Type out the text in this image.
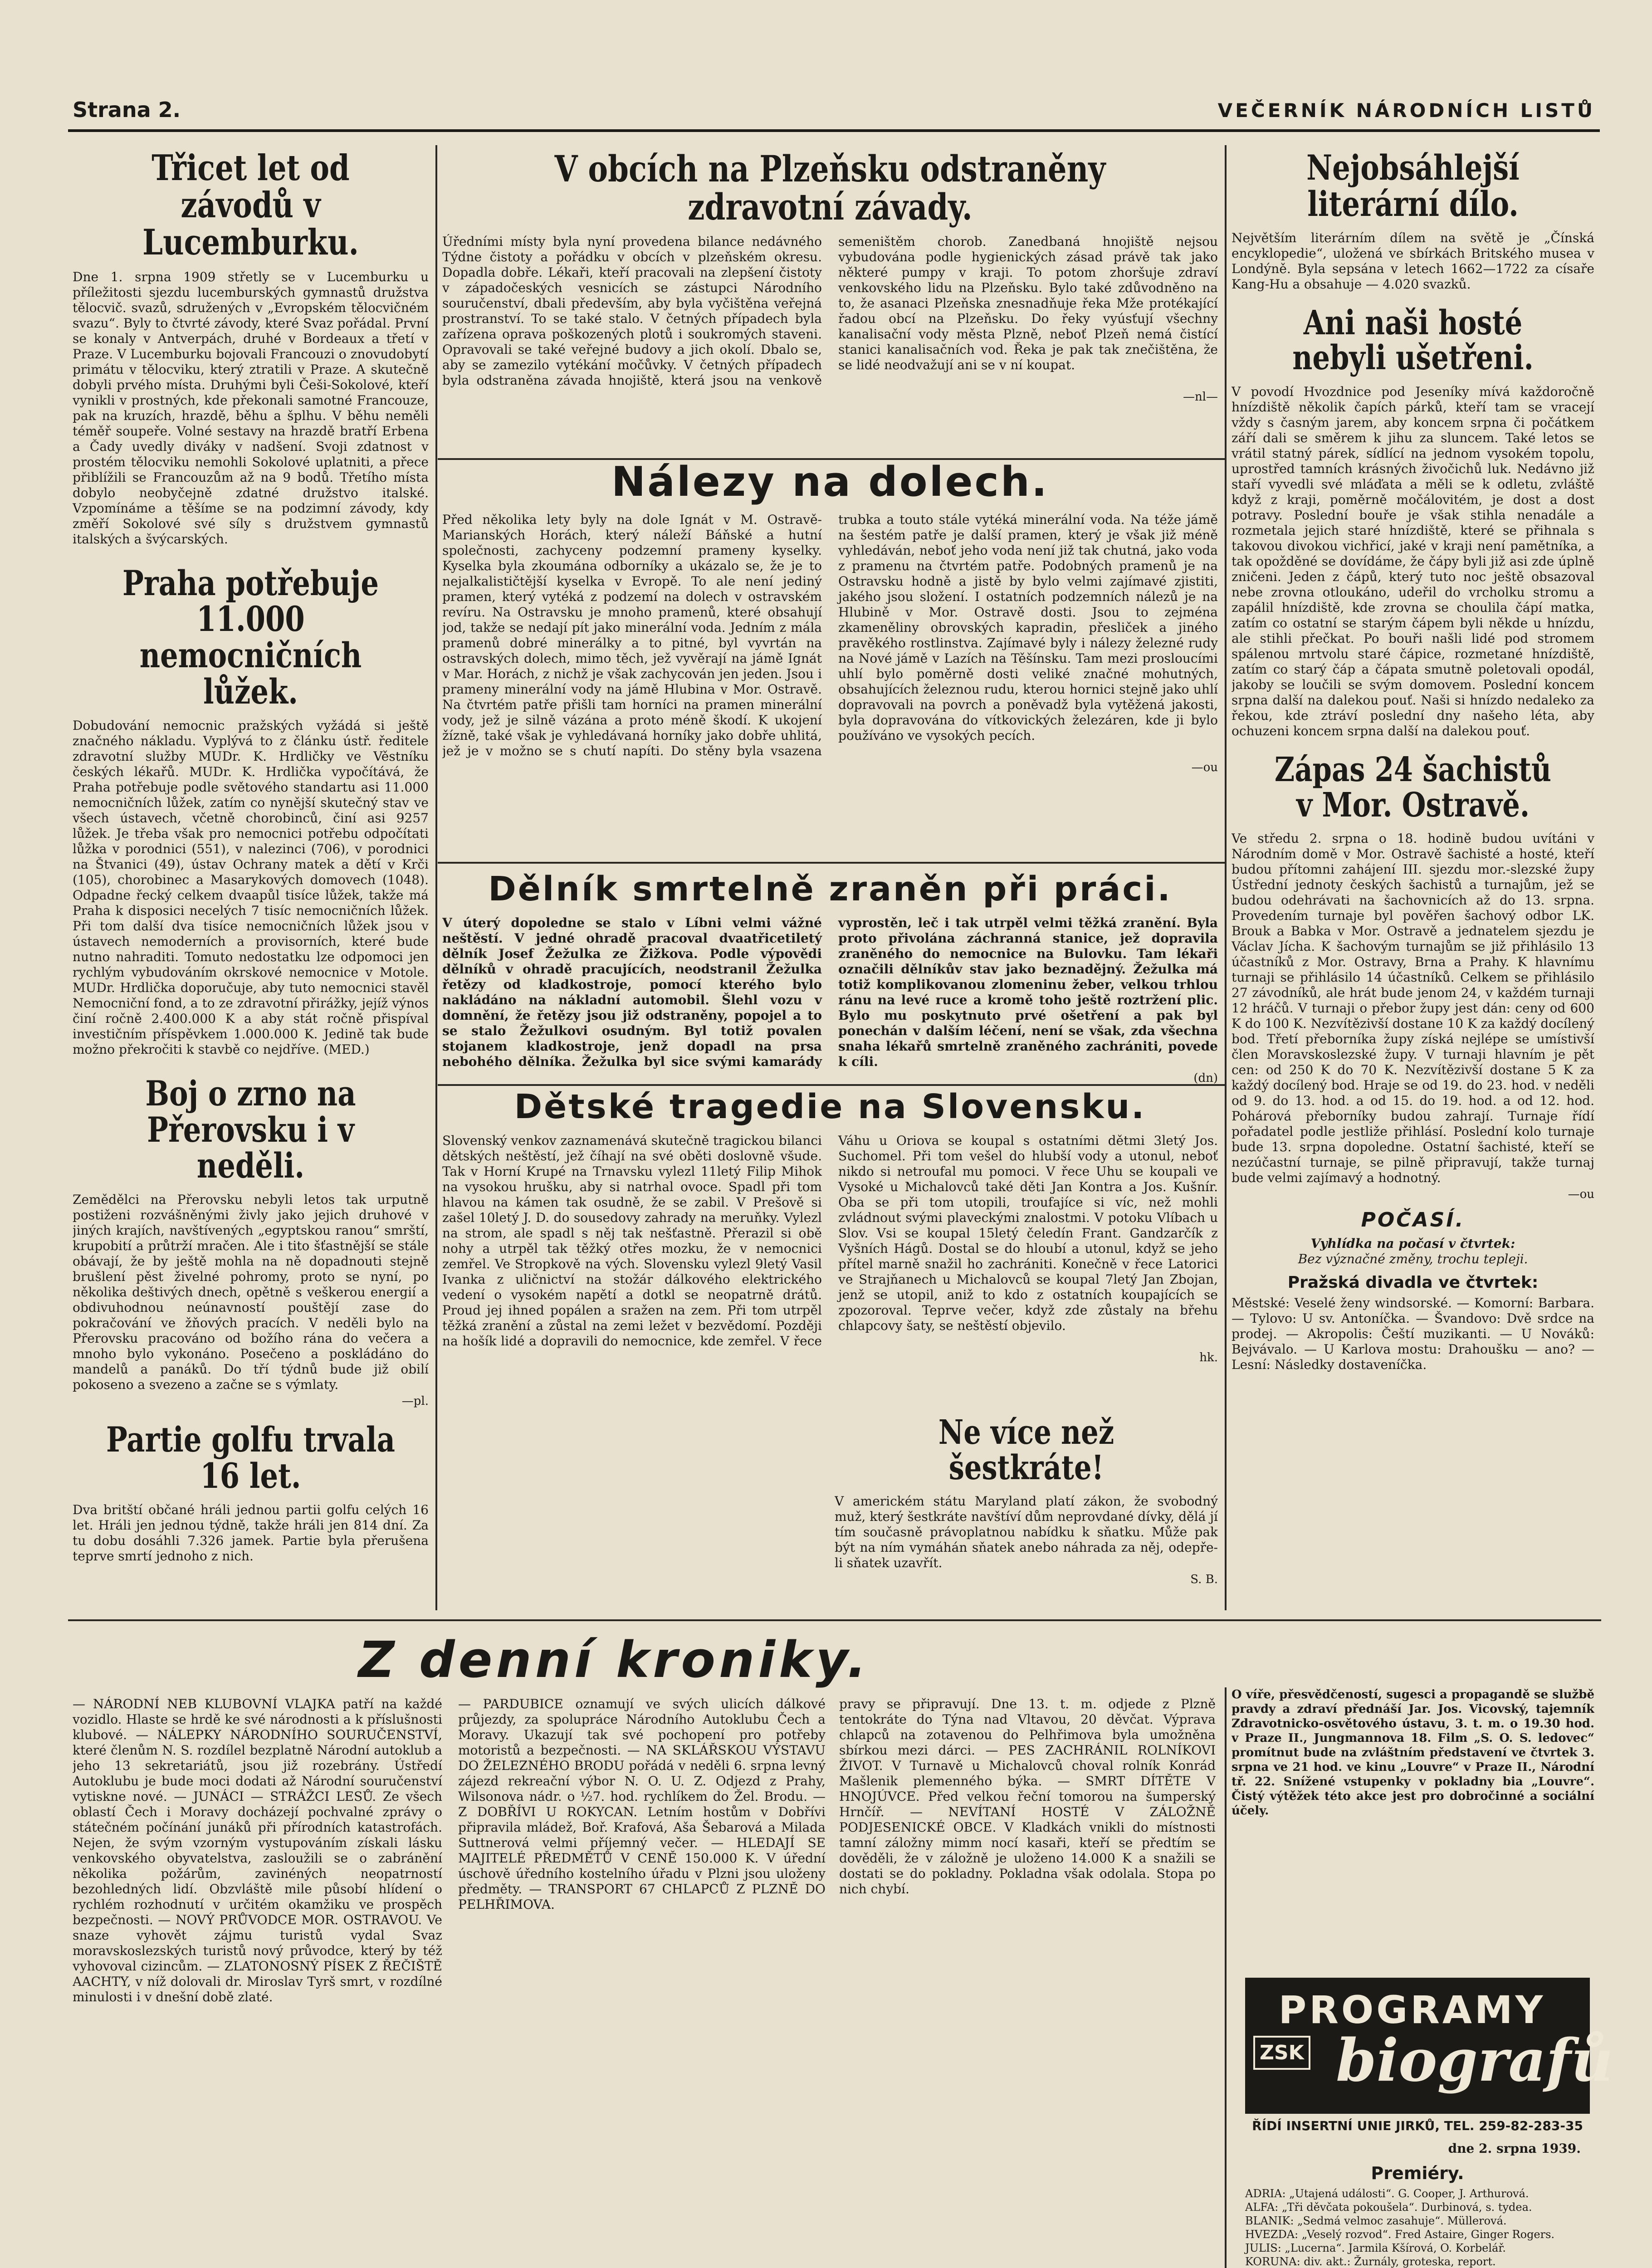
Strana 2.	VEČERNÍK NÁRODNÍCH LISTŮ
Třicet let od závodů v Lucemburku.

Dne 1. srpna 1909 střetly se v Lucemburku u příležitosti sjezdu lucemburských gymnastů družstva tělocvič. svazů, sdružených v „Evropském tělocvičném svazu“. Byly to čtvrté závody, které Svaz pořádal. První se konaly v Antverpách, druhé v Bordeaux a třetí v Praze. V Lucemburku bojovali Francouzi o znovudobytí primátu v tělocviku, který ztratili v Praze. A skutečně dobyli prvého místa. Druhými byli Češi-Sokolové, kteří vynikli v prostných, kde překonali samotné Francouze, pak na kruzích, hrazdě, běhu a šplhu. V běhu neměli téměř soupeře. Volné sestavy na hrazdě bratří Erbena a Čady uvedly diváky v nadšení. Svoji zdatnost v prostém tělocviku nemohli Sokolové uplatniti, a přece přiblížili se Francouzům až na 9 bodů. Třetího místa dobylo neobyčejně zdatné družstvo italské. Vzpomínáme a těšíme se na podzimní závody, kdy změří Sokolové své síly s družstvem gymnastů italských a švýcarských.

Praha potřebuje 11.000 nemocničních lůžek.

Dobudování nemocnic pražských vyžádá si ještě značného nákladu. Vyplývá to z článku ústř. ředitele zdravotní služby MUDr. K. Hrdličky ve Věstníku českých lékařů. MUDr. K. Hrdlička vypočítává, že Praha potřebuje podle světového standartu asi 11.000 nemocničních lůžek, zatím co nynější skutečný stav ve všech ústavech, včetně chorobinců, činí asi 9257 lůžek. Je třeba však pro nemocnici potřebu odpočítati lůžka v porodnici (551), v nalezinci (706), v porodnici na Štvanici (49), ústav Ochrany matek a dětí v Krči (105), chorobinec a Masarykových domovech (1048). Odpadne řecký celkem dvaapůl tisíce lůžek, takže má Praha k disposici necelých 7 tisíc nemocničních lůžek. Při tom další dva tisíce nemocničních lůžek jsou v ústavech nemoderních a provisorních, které bude nutno nahraditi. Tomuto nedostatku lze odpomoci jen rychlým vybudováním okrskové nemocnice v Motole. MUDr. Hrdlička doporučuje, aby tuto nemocnici stavěl Nemocniční fond, a to ze zdravotní přirážky, jejíž výnos činí ročně 2.400.000 K a aby stát ročně přispíval investičním příspěvkem 1.000.000 K. Jedině tak bude možno překročiti k stavbě co nejdříve. (MED.)

Boj o zrno na Přerovsku i v neděli.

Zemědělci na Přerovsku nebyli letos tak urputně postiženi rozvášněnými živly jako jejich druhové v jiných krajích, navštívených „egyptskou ranou“ smrští, krupobití a průtrží mračen. Ale i tito šťastnější se stále obávají, že by ještě mohla na ně dopadnouti stejně brušlení pěst živelné pohromy, proto se nyní, po několika deštivých dnech, opětně s veškerou energií a obdivuhodnou neúnavností pouštějí zase do pokračování ve žňových pracích. V neděli bylo na Přerovsku pracováno od božího rána do večera a mnoho bylo vykonáno. Posečeno a poskládáno do mandelů a panáků. Do tří týdnů bude již obilí pokoseno a svezeno a začne se s výmlaty.

—pl.
Partie golfu trvala 16 let.

Dva britští občané hráli jednou partii golfu celých 16 let. Hráli jen jednou týdně, takže hráli jen 814 dní. Za tu dobu dosáhli 7.326 jamek. Partie byla přerušena teprve smrtí jednoho z nich.

V obcích na Plzeňsku odstraněny zdravotní závady.

Úředními místy byla nyní provedena bilance nedávného Týdne čistoty a pořádku v obcích v plzeňském okresu. Dopadla dobře. Lékaři, kteří pracovali na zlepšení čistoty v západočeských vesnicích se zástupci Národního souručenství, dbali především, aby byla vyčištěna veřejná prostranství. To se také stalo. V četných případech byla zařízena oprava poškozených plotů i soukromých staveni. Opravovali se také veřejné budovy a jich okolí. Dbalo se, aby se zamezilo vytékání močůvky. V četných případech byla odstraněna závada hnojiště, která jsou na venkově semeništěm chorob. Zanedbaná hnojiště nejsou vybudována podle hygienických zásad právě tak jako některé pumpy v kraji. To potom zhoršuje zdraví venkovského lidu na Plzeňsku. Bylo také zdůvodněno na to, že asanaci Plzeňska znesnadňuje řeka Mže protékající řadou obcí na Plzeňsku. Do řeky vyúsťují všechny kanalisační vody města Plzně, neboť Plzeň nemá čistící stanici kanalisačních vod. Řeka je pak tak znečištěna, že se lidé neodvažují ani se v ní koupat.

—nl—
Nálezy na dolech.

Před několika lety byly na dole Ignát v M. Ostravě-Marianských Horách, který náleží Báňské a hutní společnosti, zachyceny podzemní prameny kyselky. Kyselka byla zkoumána odborníky a ukázalo se, že je to nejalkalističtější kyselka v Evropě. To ale není jediný pramen, který vytéká z podzemí na dolech v ostravském revíru. Na Ostravsku je mnoho pramenů, které obsahují jod, takže se nedají pít jako minerální voda. Jedním z mála pramenů dobré minerálky a to pitné, byl vyvrtán na ostravských dolech, mimo těch, jež vyvěrají na jámě Ignát v Mar. Horách, z nichž je však zachycován jen jeden. Jsou i prameny minerální vody na jámě Hlubina v Mor. Ostravě. Na čtvrtém patře přišli tam horníci na pramen minerální vody, jež je silně vázána a proto méně škodí. K ukojení žízně, také však je vyhledávaná horníky jako dobře uhlitá, jež je v možno se s chutí napíti. Do stěny byla vsazena trubka a touto stále vytéká minerální voda. Na téže jámě na šestém patře je další pramen, který je však již méně vyhledáván, neboť jeho voda není již tak chutná, jako voda z pramenu na čtvrtém patře. Podobných pramenů je na Ostravsku hodně a jistě by bylo velmi zajímavé zjistiti, jakého jsou složení. I ostatních podzemních nálezů je na Hlubině v Mor. Ostravě dosti. Jsou to zejména zkameněliny obrovských kapradin, přesliček a jiného pravěkého rostlinstva. Zajímavé byly i nálezy železné rudy na Nové jámě v Lazích na Těšínsku. Tam mezi prosloucími uhlí bylo poměrně dosti veliké značné mohutných, obsahujících železnou rudu, kterou hornici stejně jako uhlí dopravovali na povrch a poněvadž byla vytěžená jakosti, byla dopravována do vítkovických železáren, kde ji bylo používáno ve vysokých pecích.

—ou
Dělník smrtelně zraněn při práci.

V úterý dopoledne se stalo v Líbni velmi vážné neštěstí. V jedné ohradě pracoval dvaatřicetiletý dělník Josef Žežulka ze Žižkova. Podle výpovědi dělníků v ohradě pracujících, neodstranil Žežulka řetězy od kladkostroje, pomocí kterého bylo nakládáno na nákladní automobil. Šlehl vozu v domnění, že řetězy jsou již odstraněny, popojel a to se stalo Žežulkovi osudným. Byl totiž povalen stojanem kladkostroje, jenž dopadl na prsa nebohého dělníka. Žežulka byl sice svými kamarády vyprostěn, leč i tak utrpěl velmi těžká zranění. Byla proto přivolána záchranná stanice, jež dopravila zraněného do nemocnice na Bulovku. Tam lékaři označili dělníkův stav jako beznadějný. Žežulka má totiž komplikovanou zlomeninu žeber, velkou trhlou ránu na levé ruce a kromě toho ještě roztržení plic. Bylo mu poskytnuto prvé ošetření a pak byl ponechán v dalším léčení, není se však, zda všechna snaha lékařů smrtelně zraněného zachrániti, povede k cíli.

(dn)
Dětské tragedie na Slovensku.

Slovenský venkov zaznamenává skutečně tragickou bilanci dětských neštěstí, jež číhají na své oběti doslovně všude. Tak v Horní Krupé na Trnavsku vylezl 11letý Filip Mihok na vysokou hrušku, aby si natrhal ovoce. Spadl při tom hlavou na kámen tak osudně, že se zabil. V Prešově si zašel 10letý J. D. do sousedovy zahrady na meruňky. Vylezl na strom, ale spadl s něj tak nešťastně. Přerazil si obě nohy a utrpěl tak těžký otřes mozku, že v nemocnici zemřel. Ve Stropkově na vých. Slovensku vylezl 9letý Vasil Ivanka z uličnictví na stožár dálkového elektrického vedení o vysokém napětí a dotkl se neopatrně drátů. Proud jej ihned popálen a sražen na zem. Při tom utrpěl těžká zranění a zůstal na zemi ležet v bezvědomí. Později na hošík lidé a dopravili do nemocnice, kde zemřel. V řece Váhu u Oriova se koupal s ostatními dětmi 3letý Jos. Suchomel. Při tom vešel do hlubší vody a utonul, neboť nikdo si netroufal mu pomoci. V řece Uhu se koupali ve Vysoké u Michalovců také děti Jan Kontra a Jos. Kušnír. Oba se při tom utopili, troufajíce si víc, než mohli zvládnout svými plaveckými znalostmi. V potoku Vlíbach u Slov. Vsi se koupal 15letý čeledín Frant. Gandzarčík z Vyšních Hágů. Dostal se do hloubí a utonul, když se jeho přítel marně snažil ho zachrániti. Konečně v řece Latorici ve Strajňanech u Michalovců se koupal 7letý Jan Zbojan, jenž se utopil, aniž to kdo z ostatních koupajících se zpozoroval. Teprve večer, když zde zůstaly na břehu chlapcovy šaty, se neštěstí objevilo.

hk.
Ne více než šestkráte!

V americkém státu Maryland platí zákon, že svobodný muž, který šestkráte navštíví dům neprovdané dívky, dělá jí tím současně právoplatnou nabídku k sňatku. Může pak být na ním vymáhán sňatek anebo náhrada za něj, odepře-li sňatek uzavřít.

S. B.
Nejobsáhlejší literární dílo.

Největším literárním dílem na světě je „Čínská encyklopedie“, uložená ve sbírkách Britského musea v Londýně. Byla sepsána v letech 1662—1722 za císaře Kang-Hu a obsahuje — 4.020 svazků.

Ani naši hosté nebyli ušetřeni.

V povodí Hvozdnice pod Jeseníky mívá každoročně hnízdiště několik čapích párků, kteří tam se vracejí vždy s časným jarem, aby koncem srpna či počátkem září dali se směrem k jihu za sluncem. Také letos se vrátil statný párek, sídlící na jednom vysokém topolu, uprostřed tamních krásných živočichů luk. Nedávno již staří vyvedli své mláďata a měli se k odletu, zvláště když z kraji, poměrně močálovitém, je dost a dost potravy. Poslední bouře je však stihla nenadále a rozmetala jejich staré hnízdiště, které se přihnala s takovou divokou vichřicí, jaké v kraji není pamětníka, a tak opožděné se dovídáme, že čápy byli již asi zde úplně zničeni. Jeden z čápů, který tuto noc ještě obsazoval nebe zrovna otloukáno, udeřil do vrcholku stromu a zapálil hnízdiště, kde zrovna se choulila čápí matka, zatím co ostatní se starým čápem byli někde u hnízdu, ale stihli přečkat. Po bouři našli lidé pod stromem spálenou mrtvolu staré čápice, rozmetané hnízdiště, zatím co starý čáp a čápata smutně poletovali opodál, jakoby se loučili se svým domovem. Poslední koncem srpna další na dalekou pouť. Naši si hnízdo nedaleko za řekou, kde ztráví poslední dny našeho léta, aby ochuzeni koncem srpna další na dalekou pouť.

Zápas 24 šachistů v Mor. Ostravě.

Ve středu 2. srpna o 18. hodině budou uvítáni v Národním domě v Mor. Ostravě šachisté a hosté, kteří budou přítomni zahájení III. sjezdu mor.-slezské župy Ústřední jednoty českých šachistů a turnajům, jež se budou odehrávati na šachovnicích až do 13. srpna. Provedením turnaje byl pověřen šachový odbor LK. Brouk a Babka v Mor. Ostravě a jednatelem sjezdu je Václav Jícha. K šachovým turnajům se již přihlásilo 13 účastníků z Mor. Ostravy, Brna a Prahy. K hlavnímu turnaji se přihlásilo 14 účastníků. Celkem se přihlásilo 27 závodníků, ale hrát bude jenom 24, v každém turnaji 12 hráčů. V turnaji o přebor župy jest dán: ceny od 600 K do 100 K. Nezvítězivší dostane 10 K za každý docílený bod. Třetí přeborníka župy získá nejlépe se umístivší člen Moravskoslezské župy. V turnaji hlavním je pět cen: od 250 K do 70 K. Nezvítězivší dostane 5 K za každý docílený bod. Hraje se od 19. do 23. hod. v neděli od 9. do 13. hod. a od 15. do 19. hod. a od 12. hod. Pohárová přeborníky budou zahrají. Turnaje řídí pořadatel podle jestliže přihlásí. Poslední kolo turnaje bude 13. srpna dopoledne. Ostatní šachisté, kteří se nezúčastní turnaje, se pilně připravují, takže turnaj bude velmi zajímavý a hodnotný.

—ou
POČASÍ.

Vyhlídka na počasí v čtvrtek:

Bez význačné změny, trochu tepleji.

Pražská divadla ve čtvrtek:

Městské: Veselé ženy windsorské. — Komorní: Barbara. — Tylovo: U sv. Antoníčka. — Švandovo: Dvě srdce na prodej. — Akropolis: Čeští muzikanti. — U Nováků: Bejvávalo. — U Karlova mostu: Drahoušku — ano? — Lesní: Následky dostaveníčka.

Z denní kroniky.

— NÁRODNÍ NEB KLUBOVNÍ VLAJKA patří na každé vozidlo. Hlaste se hrdě ke své národnosti a k příslušnosti klubové. — NÁLEPKY NÁRODNÍHO SOURUČENSTVÍ, které členům N. S. rozdílel bezplatně Národní autoklub a jeho 13 sekretariátů, jsou již rozebrány. Ústředí Autoklubu je bude moci dodati až Národní souručenství vytiskne nové. — JUNÁCI — STRÁŽCI LESŮ. Ze všech oblastí Čech i Moravy docházejí pochvalné zprávy o státečném počínání junáků při přírodních katastrofách. Nejen, že svým vzorným vystupováním získali lásku venkovského obyvatelstva, zasloužili se o zabránění několika požárům, zavinéných neopatrností bezohledných lidí. Obzvláště mile působí hlídení o rychlém rozhodnutí v určitém okamžiku ve prospěch bezpečnosti. — NOVÝ PRŮVODCE MOR. OSTRAVOU. Ve snaze vyhovět zájmu turistů vydal Svaz moravskoslezských turistů nový průvodce, který by též vyhovoval cizincům. — ZLATONOSNÝ PÍSEK Z ŘEČIŠTĚ AACHTY, v níž dolovali dr. Miroslav Tyrš smrt, v rozdílné minulosti i v dnešní době zlaté.

— PARDUBICE oznamují ve svých ulicích dálkové průjezdy, za spolupráce Národního Autoklubu Čech a Moravy. Ukazují tak své pochopení pro potřeby motoristů a bezpečnosti. — NA SKLÁŘSKOU VÝSTAVU DO ŽELEZNÉHO BRODU pořádá v neděli 6. srpna levný zájezd rekreační výbor N. O. U. Z. Odjezd z Prahy, Wilsonova nádr. o ½7. hod. rychlíkem do Žel. Brodu. — Z DOBŘÍVI U ROKYCAN. Letním hostům v Dobřívi připravila mládež, Boř. Krafová, Aša Šebarová a Milada Suttnerová velmi příjemný večer. — HLEDAJÍ SE MAJITELÉ PŘEDMĚTŮ V CENĚ 150.000 K. V úřední úschově úředního kostelního úřadu v Plzni jsou uloženy předměty. — TRANSPORT 67 CHLAPCŮ Z PLZNĚ DO PELHŘIMOVA.

pravy se připravují. Dne 13. t. m. odjede z Plzně tentokráte do Týna nad Vltavou, 20 děvčat. Výprava chlapců na zotavenou do Pelhřimova byla umožněna sbírkou mezi dárci. — PES ZACHRÁNIL ROLNÍKOVI ŽIVOT. V Turnavě u Michalovců choval rolník Konrád Mašlenik plemenného býka. — SMRT DÍTĚTE V HNOJÚVCE. Před velkou řeční tomorou na šumperský Hrnčíř. — NEVÍTANÍ HOSTÉ V ZÁLOŽNĚ PODJESENICKÉ OBCE. V Kladkách vnikli do místnosti tamní záložny mimm nocí kasaři, kteří se předtím se dověděli, že v záložně je uloženo 14.000 K a snažili se dostati se do pokladny. Pokladna však odolala. Stopa po nich chybí.

O víře, přesvědčeností, sugesci a propagandě se službě pravdy a zdraví přednáší Jar. Jos. Vicovský, tajemník Zdravotnicko-osvětového ústavu, 3. t. m. o 19.30 hod. v Praze II., Jungmannova 18. Film „S. O. S. ledovec“ promítnut bude na zvláštním představení ve čtvrtek 3. srpna ve 21 hod. ve kinu „Louvre“ v Praze II., Národní tř. 22. Snížené vstupenky v pokladny bia „Louvre“. Čistý výtěžek této akce jest pro dobročinné a sociální účely.

PROGRAMY
ZSK biografů
ŘÍDÍ INSERTNÍ UNIE JIRKŮ, TEL. 259-82-283-35
dne 2. srpna 1939.
Premiéry.
ADRIA: „Utajená události“. G. Cooper, J. Arthurová.
ALFA: „Tři děvčata pokoušela“. Durbinová, s. tydea.
BLANIK: „Sedmá velmoc zasahuje“. Müllerová.
HVEZDA: „Veselý rozvod“. Fred Astaire, Ginger Rogers.
JULIS: „Lucerna“. Jarmila Kšírová, O. Korbelář.
KORUNA: div. akt.: Žurnály, groteska, report.
